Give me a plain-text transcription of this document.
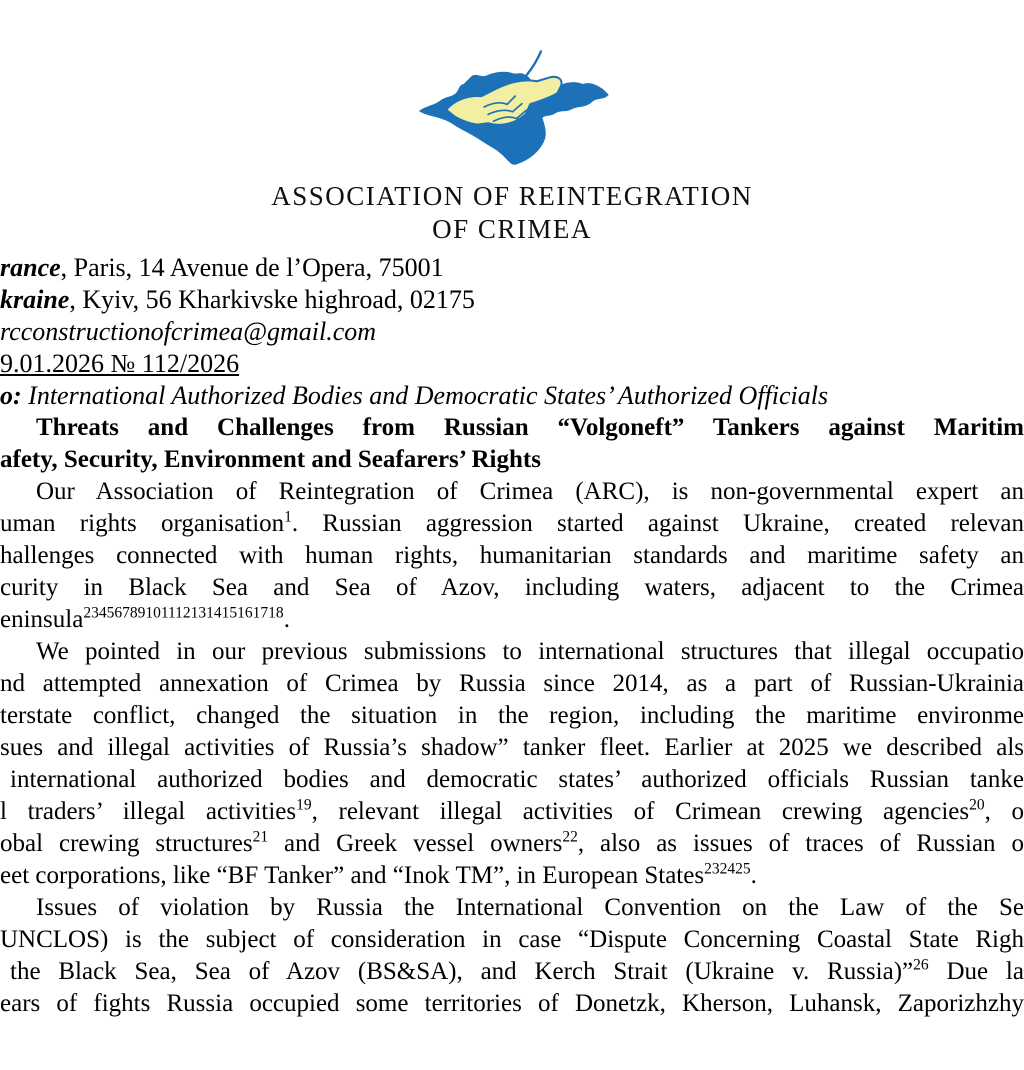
ASSOCIATION OF REINTEGRATION
OF CRIMEA
rance, Paris, 14 Avenue de l’Opera, 75001
kraine, Kyiv, 56 Kharkivske highroad, 02175
rcconstructionofcrimea@gmail.com
9.01.2026 № 112/2026
o: International Authorized Bodies and Democratic States’ Authorized Officials
Threats and Challenges from Russian “Volgoneft” Tankers against Maritim
afety, Security, Environment and Seafarers’ Rights
Our Association of Reintegration of Crimea (ARC), is non-governmental expert an
uman rights organisation$^1$. Russian aggression started against Ukraine, created relevan
hallenges connected with human rights, humanitarian standards and maritime safety an
curity in Black Sea and Sea of Azov, including waters, adjacent to the Crimea
eninsula$^{23456789101112131415161718}$.
We pointed in our previous submissions to international structures that illegal occupatio
nd attempted annexation of Crimea by Russia since 2014, as a part of Russian-Ukrainia
terstate conflict, changed the situation in the region, including the maritime environme
sues and illegal activities of Russia’s shadow” tanker fleet. Earlier at 2025 we described als
international authorized bodies and democratic states’ authorized officials Russian tanke
l traders’ illegal activities$^{19}$, relevant illegal activities of Crimean crewing agencies$^{20}$, o
obal crewing structures$^{21}$ and Greek vessel owners$^{22}$, also as issues of traces of Russian o
eet corporations, like “BF Tanker” and “Inok TM”, in European States$^{232425}$.
Issues of violation by Russia the International Convention on the Law of the Se
UNCLOS) is the subject of consideration in case “Dispute Concerning Coastal State Righ
the Black Sea, Sea of Azov (BS&SA), and Kerch Strait (Ukraine v. Russia)”$^{26}$ Due la
ears of fights Russia occupied some territories of Donetzk, Kherson, Luhansk, Zaporizhzhy
